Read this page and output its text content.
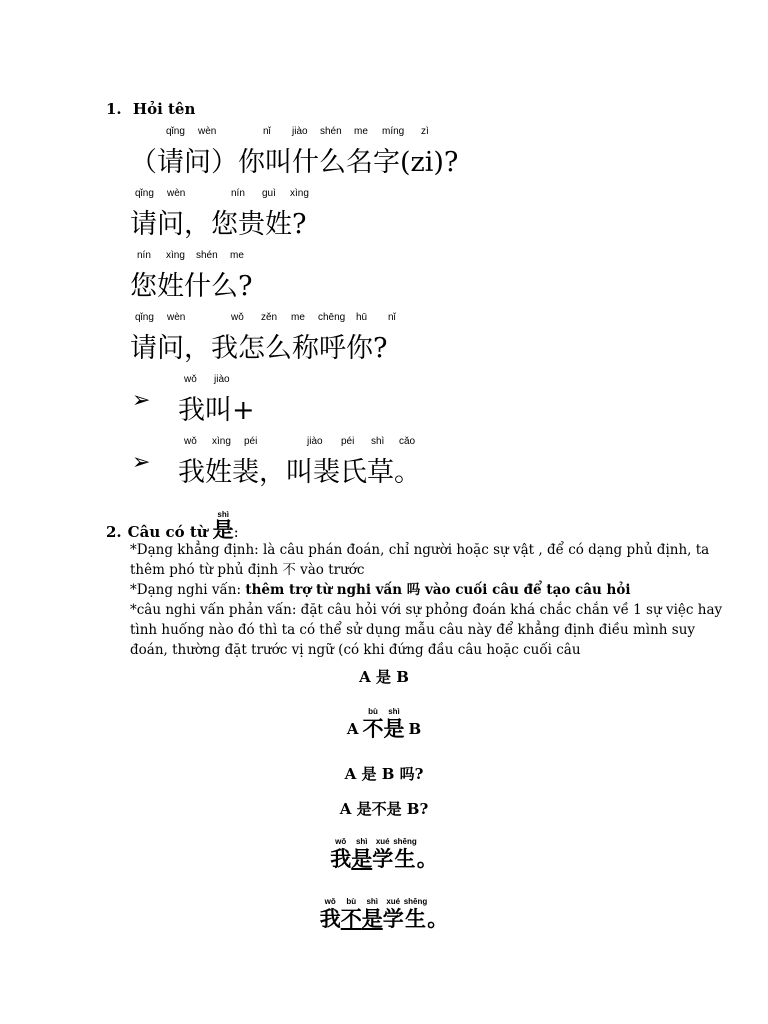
1. Hỏi tên
qǐng wèn	nǐ jiào shén me míng zì
（请问）你叫什么名字(zi)?
qǐng wèn	nín guì xìng
请问，您贵姓?
nín xìng shén me
您姓什么?
qǐng wèn	wǒ zěn me chēng hū nǐ
请问，我怎么称呼你?
➢
wǒ jiào
我叫+
➢
wǒ xìng péi	jiào péi shì cǎo
我姓裴，叫裴氏草。
2. Câu có từ
shì
是 :
*Dạng khẳng định: là câu phán đoán, chỉ người hoặc sự vật , để có dạng phủ định, ta thêm phó từ phủ định 不 vào trước
*Dạng nghi vấn: thêm trợ từ nghi vấn 吗 vào cuối câu để tạo câu hỏi
*câu nghi vấn phản vấn: đặt câu hỏi với sự phỏng đoán khá chắc chắn về 1 sự việc hay tình huống nào đó thì ta có thể sử dụng mẫu câu này để khẳng định điều mình suy đoán, thường đặt trước vị ngữ (có khi đứng đầu câu hoặc cuối câu
A 是 B
A
bù
不
shì
是 B
A 是 B 吗?
A 是不是 B?
wǒ
我
shì
是
xué
学
shēng
生 。
wǒ
我
bù
不
shì
是
xué
学
shēng
生 。
